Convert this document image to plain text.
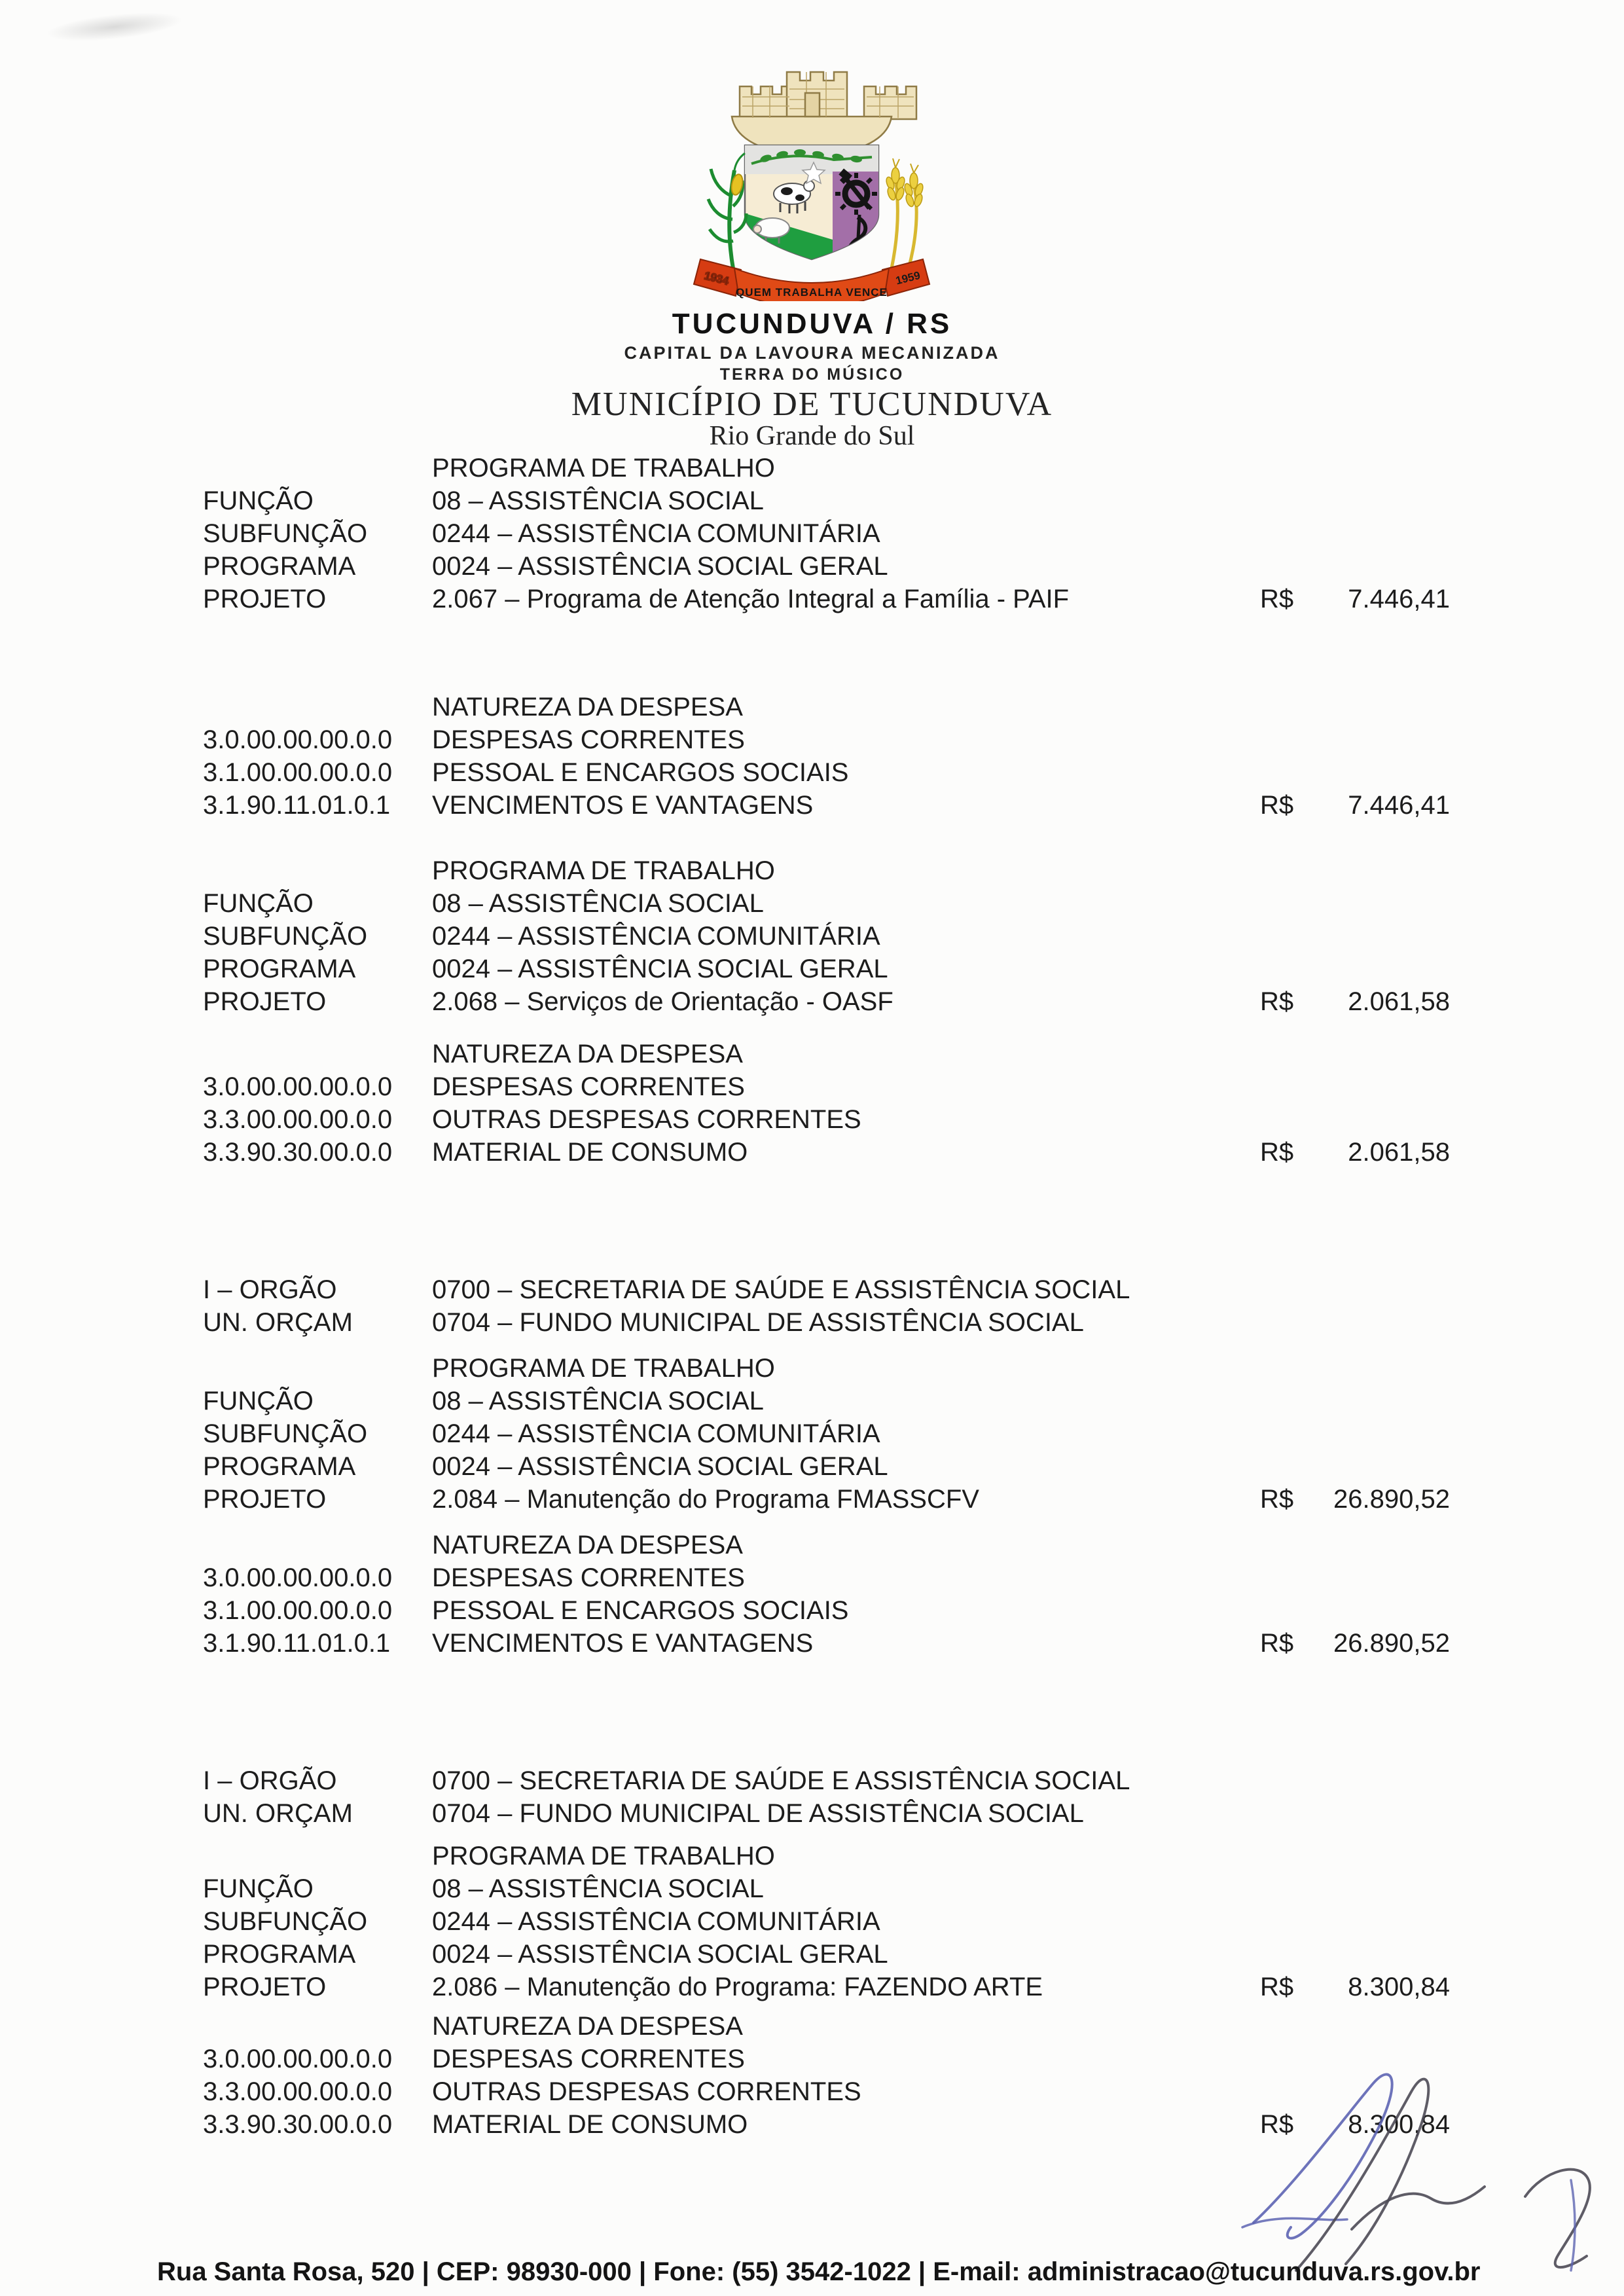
1934	1959
QUEM TRABALHA VENCE
TUCUNDUVA / RS
CAPITAL DA LAVOURA MECANIZADA
TERRA DO MÚSICO
MUNICÍPIO DE TUCUNDUVA
Rio Grande do Sul
PROGRAMA DE TRABALHO
FUNÇÃO	08 – ASSISTÊNCIA SOCIAL
SUBFUNÇÃO 0244 – ASSISTÊNCIA COMUNITÁRIA
PROGRAMA	0024 – ASSISTÊNCIA SOCIAL GERAL
PROJETO	2.067 – Programa de Atenção Integral a Família - PAIF	R$	7.446,41
NATUREZA DA DESPESA
3.0.00.00.00.0.0 DESPESAS CORRENTES
3.1.00.00.00.0.0 PESSOAL E ENCARGOS SOCIAIS
3.1.90.11.01.0.1 VENCIMENTOS E VANTAGENS	R$	7.446,41
PROGRAMA DE TRABALHO
FUNÇÃO	08 – ASSISTÊNCIA SOCIAL
SUBFUNÇÃO 0244 – ASSISTÊNCIA COMUNITÁRIA
PROGRAMA	0024 – ASSISTÊNCIA SOCIAL GERAL
PROJETO	2.068 – Serviços de Orientação - OASF	R$	2.061,58
NATUREZA DA DESPESA
3.0.00.00.00.0.0 DESPESAS CORRENTES
3.3.00.00.00.0.0 OUTRAS DESPESAS CORRENTES
3.3.90.30.00.0.0 MATERIAL DE CONSUMO	R$	2.061,58
I – ORGÃO	0700 – SECRETARIA DE SAÚDE E ASSISTÊNCIA SOCIAL
UN. ORÇAM	0704 – FUNDO MUNICIPAL DE ASSISTÊNCIA SOCIAL
PROGRAMA DE TRABALHO
FUNÇÃO	08 – ASSISTÊNCIA SOCIAL
SUBFUNÇÃO 0244 – ASSISTÊNCIA COMUNITÁRIA
PROGRAMA	0024 – ASSISTÊNCIA SOCIAL GERAL
PROJETO	2.084 – Manutenção do Programa FMASSCFV	R$	26.890,52
NATUREZA DA DESPESA
3.0.00.00.00.0.0 DESPESAS CORRENTES
3.1.00.00.00.0.0 PESSOAL E ENCARGOS SOCIAIS
3.1.90.11.01.0.1 VENCIMENTOS E VANTAGENS	R$	26.890,52
I – ORGÃO	0700 – SECRETARIA DE SAÚDE E ASSISTÊNCIA SOCIAL
UN. ORÇAM	0704 – FUNDO MUNICIPAL DE ASSISTÊNCIA SOCIAL
PROGRAMA DE TRABALHO
FUNÇÃO	08 – ASSISTÊNCIA SOCIAL
SUBFUNÇÃO 0244 – ASSISTÊNCIA COMUNITÁRIA
PROGRAMA	0024 – ASSISTÊNCIA SOCIAL GERAL
PROJETO	2.086 – Manutenção do Programa: FAZENDO ARTE	R$	8.300,84
NATUREZA DA DESPESA
3.0.00.00.00.0.0 DESPESAS CORRENTES
3.3.00.00.00.0.0 OUTRAS DESPESAS CORRENTES
3.3.90.30.00.0.0 MATERIAL DE CONSUMO	R$	8.300,84
Rua Santa Rosa, 520 | CEP: 98930-000 | Fone: (55) 3542-1022 | E-mail: administracao@tucunduva.rs.gov.br
